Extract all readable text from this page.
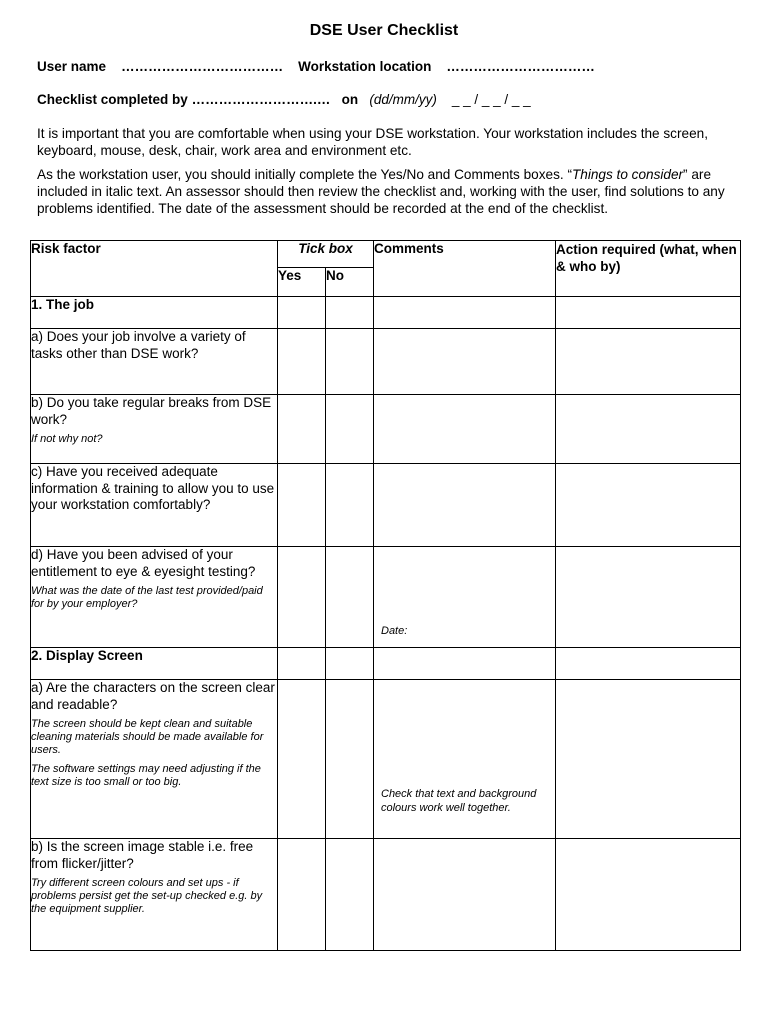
DSE User Checklist
User name ……………………………… Workstation location ……………………………
Checklist completed by ……………………….… on (dd/mm/yy) _ _ / _ _ / _ _
It is important that you are comfortable when using your DSE workstation. Your workstation includes the screen, keyboard, mouse, desk, chair, work area and environment etc.
As the workstation user, you should initially complete the Yes/No and Comments boxes. “Things to consider” are included in italic text. An assessor should then review the checklist and, working with the user, find solutions to any problems identified. The date of the assessment should be recorded at the end of the checklist.
Risk factor	Tick box		Comments	Action required (what, when & who by)
	Yes	No		
1. The job				
a) Does your job involve a variety of tasks other than DSE work?				
b) Do you take regular breaks from DSE work?
If not why not?				

c) Have you received adequate information & training to allow you to use your workstation comfortably?				
d) Have you been advised of your entitlement to eye & eyesight testing?
What was the date of the last test provided/paid for by your employer?			Date:	

2. Display Screen				
a) Are the characters on the screen clear and readable?
The screen should be kept clean and suitable cleaning materials should be made available for users.
The software settings may need adjusting if the text size is too small or too big.			Check that text and background colours work well together.	

b) Is the screen image stable i.e. free from flicker/jitter?
Try different screen colours and set ups - if problems persist get the set-up checked e.g. by the equipment supplier.				
